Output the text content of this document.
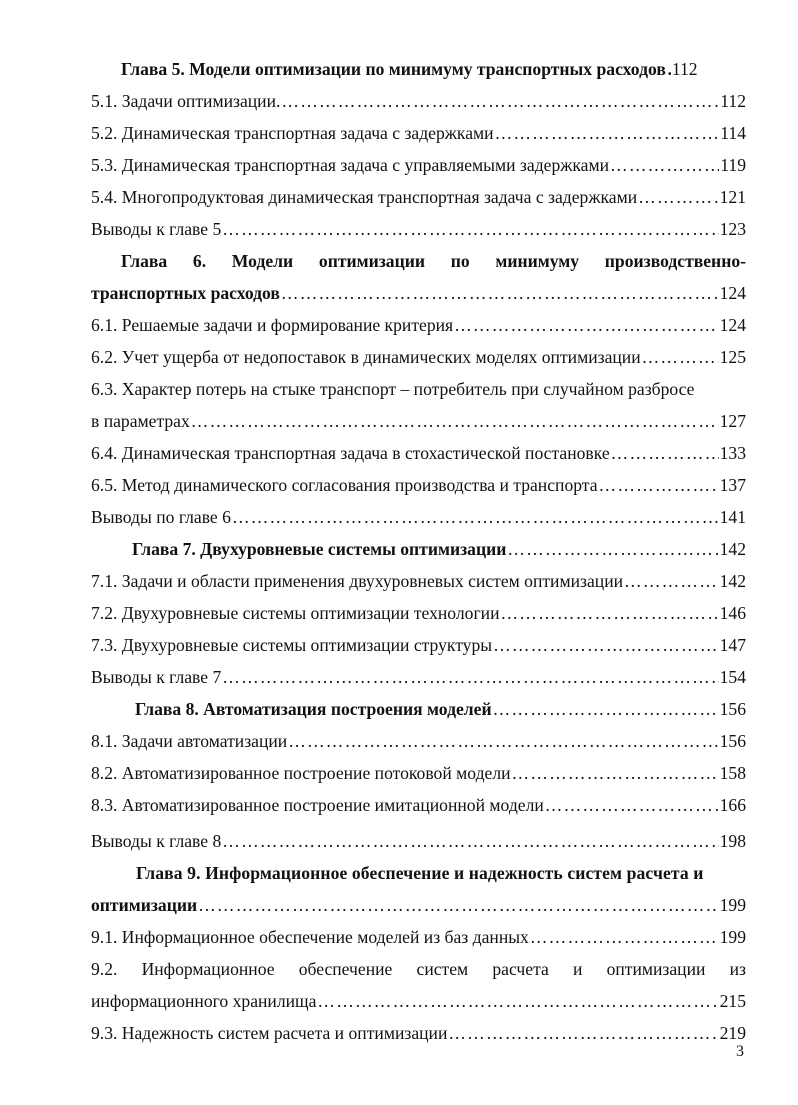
Глава 5. Модели оптимизации по минимуму транспортных расходов ………………………………………………………………………………………………………………………………………………………………………………………… 112
5.1. Задачи оптимизации. …………………………………………………………………………………………………………………………………………………………………………………………	112
5.2. Динамическая транспортная задача с задержками …………………………………………………………………………………………………………………………………………………………………………………………	114
5.3. Динамическая транспортная задача с управляемыми задержками …………………………………………………………………………………………………………………………………………………………………………………………	119
5.4. Многопродуктовая динамическая транспортная задача с задержками …………………………………………………………………………………………………………………………………………………………………………………………	121
Выводы к главе 5 …………………………………………………………………………………………………………………………………………………………………………………………	123
Глава 6. Модели оптимизации по минимуму производственно-
транспортных расходов …………………………………………………………………………………………………………………………………………………………………………………………	124
6.1. Решаемые задачи и формирование критерия …………………………………………………………………………………………………………………………………………………………………………………………	124
6.2. Учет ущерба от недопоставок в динамических моделях оптимизации …………………………………………………………………………………………………………………………………………………………………………………………	125
6.3. Характер потерь на стыке транспорт – потребитель при случайном разбросе
в параметрах …………………………………………………………………………………………………………………………………………………………………………………………	127
6.4. Динамическая транспортная задача в стохастической постановке …………………………………………………………………………………………………………………………………………………………………………………………	133
6.5. Метод динамического согласования производства и транспорта …………………………………………………………………………………………………………………………………………………………………………………………	137
Выводы по главе 6 …………………………………………………………………………………………………………………………………………………………………………………………	141
Глава 7. Двухуровневые системы оптимизации …………………………………………………………………………………………………………………………………………………………………………………………	142
7.1. Задачи и области применения двухуровневых систем оптимизации …………………………………………………………………………………………………………………………………………………………………………………………	142
7.2. Двухуровневые системы оптимизации технологии …………………………………………………………………………………………………………………………………………………………………………………………	146
7.3. Двухуровневые системы оптимизации структуры …………………………………………………………………………………………………………………………………………………………………………………………	147
Выводы к главе 7 …………………………………………………………………………………………………………………………………………………………………………………………	154
Глава 8. Автоматизация построения моделей …………………………………………………………………………………………………………………………………………………………………………………………	156
8.1. Задачи автоматизации …………………………………………………………………………………………………………………………………………………………………………………………	156
8.2. Автоматизированное построение потоковой модели …………………………………………………………………………………………………………………………………………………………………………………………	158
8.3. Автоматизированное построение имитационной модели …………………………………………………………………………………………………………………………………………………………………………………………	166
Выводы к главе 8 …………………………………………………………………………………………………………………………………………………………………………………………	198
Глава 9. Информационное обеспечение и надежность систем расчета и
оптимизации …………………………………………………………………………………………………………………………………………………………………………………………	199
9.1. Информационное обеспечение моделей из баз данных …………………………………………………………………………………………………………………………………………………………………………………………	199
9.2. Информационное обеспечение систем расчета и оптимизации из
информационного хранилища …………………………………………………………………………………………………………………………………………………………………………………………	215
9.3. Надежность систем расчета и оптимизации …………………………………………………………………………………………………………………………………………………………………………………………	219
3
